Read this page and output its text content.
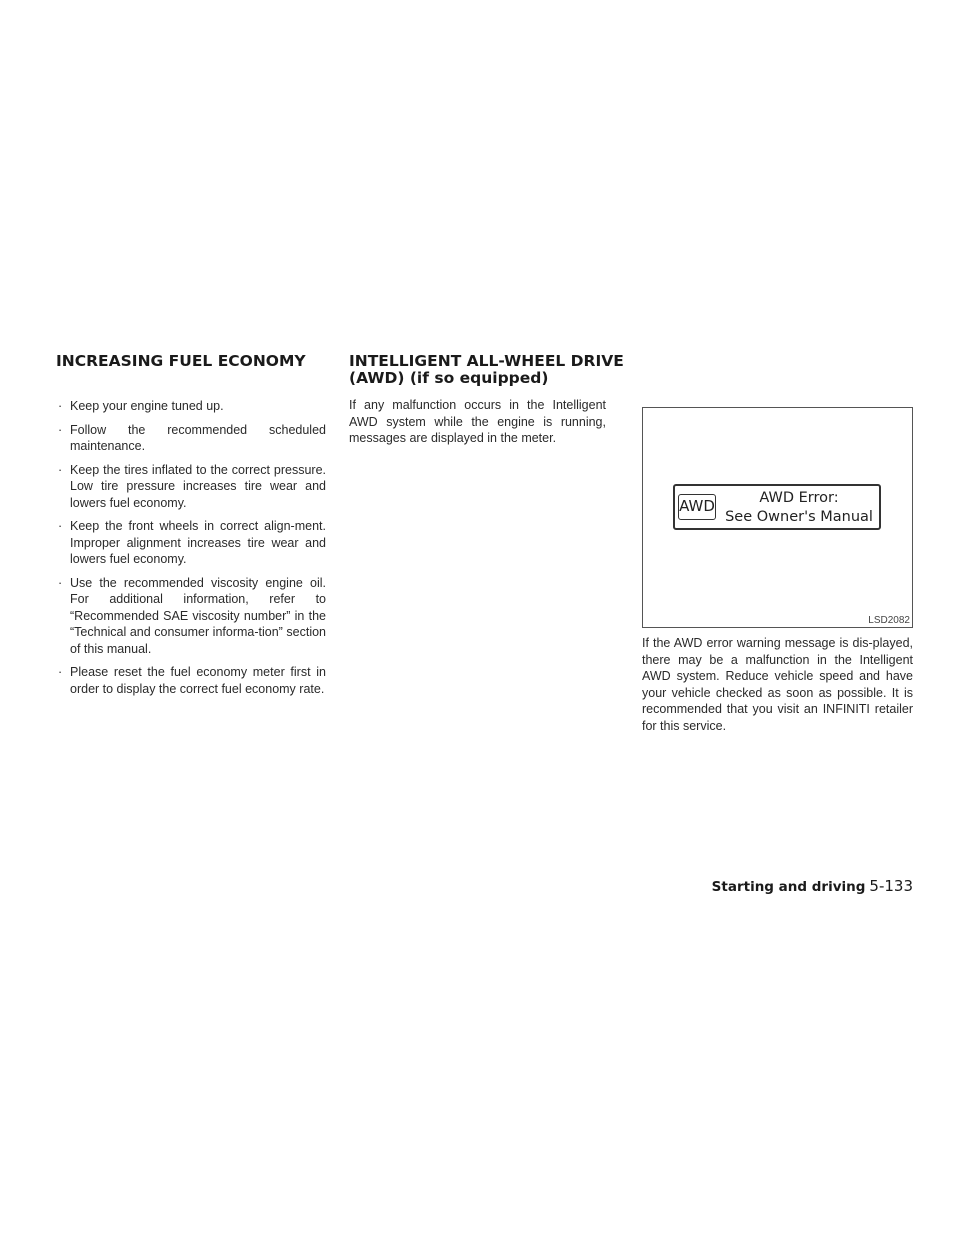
INCREASING FUEL ECONOMY
· Keep your engine tuned up.
· Follow the recommended scheduled maintenance.
· Keep the tires inflated to the correct pressure. Low tire pressure increases tire wear and lowers fuel economy.
· Keep the front wheels in correct align-ment. Improper alignment increases tire wear and lowers fuel economy.
· Use the recommended viscosity engine oil. For additional information, refer to “Recommended SAE viscosity number” in the “Technical and consumer informa-tion” section of this manual.
· Please reset the fuel economy meter first in order to display the correct fuel economy rate.
INTELLIGENT ALL-WHEEL DRIVE (AWD) (if so equipped)

If any malfunction occurs in the Intelligent AWD system while the engine is running, messages are displayed in the meter.

AWD	AWD Error:
See Owner's Manual
LSD2082

If the AWD error warning message is dis-played, there may be a malfunction in the Intelligent AWD system. Reduce vehicle speed and have your vehicle checked as soon as possible. It is recommended that you visit an INFINITI retailer for this service.

Starting and driving 5-133
